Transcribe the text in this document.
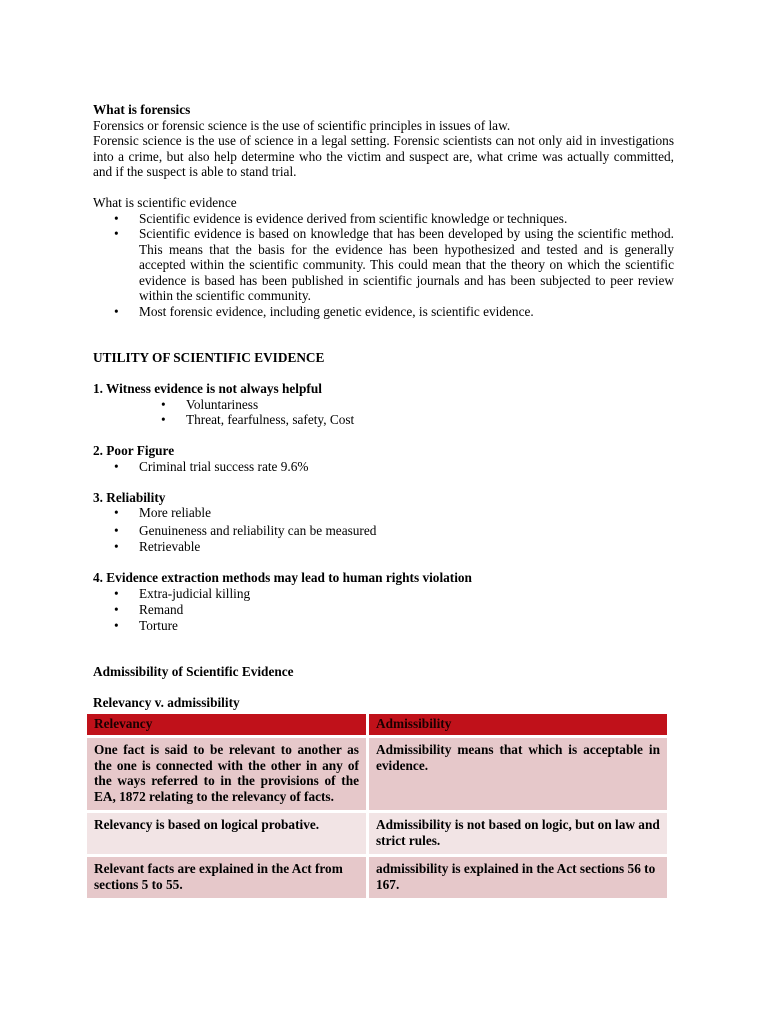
What is forensics

Forensics or forensic science is the use of scientific principles in issues of law.

Forensic science is the use of science in a legal setting. Forensic scientists can not only aid in investigations into a crime, but also help determine who the victim and suspect are, what crime was actually committed, and if the suspect is able to stand trial.

What is scientific evidence

• Scientific evidence is evidence derived from scientific knowledge or techniques.
• Scientific evidence is based on knowledge that has been developed by using the scientific method. This means that the basis for the evidence has been hypothesized and tested and is generally accepted within the scientific community. This could mean that the theory on which the scientific evidence is based has been published in scientific journals and has been subjected to peer review within the scientific community.
• Most forensic evidence, including genetic evidence, is scientific evidence.

UTILITY OF SCIENTIFIC EVIDENCE

1. Witness evidence is not always helpful

• Voluntariness
• Threat, fearfulness, safety, Cost

2. Poor Figure

• Criminal trial success rate 9.6%

3. Reliability

• More reliable
• Genuineness and reliability can be measured
• Retrievable

4. Evidence extraction methods may lead to human rights violation

• Extra-judicial killing
• Remand
• Torture

Admissibility of Scientific Evidence

Relevancy v. admissibility

Relevancy	Admissibility
One fact is said to be relevant to another as the one is connected with the other in any of the ways referred to in the provisions of the EA, 1872 relating to the relevancy of facts.	Admissibility means that which is acceptable in evidence.
Relevancy is based on logical probative.	Admissibility is not based on logic, but on law and strict rules.
Relevant facts are explained in the Act from sections 5 to 55.	admissibility is explained in the Act sections 56 to 167.
